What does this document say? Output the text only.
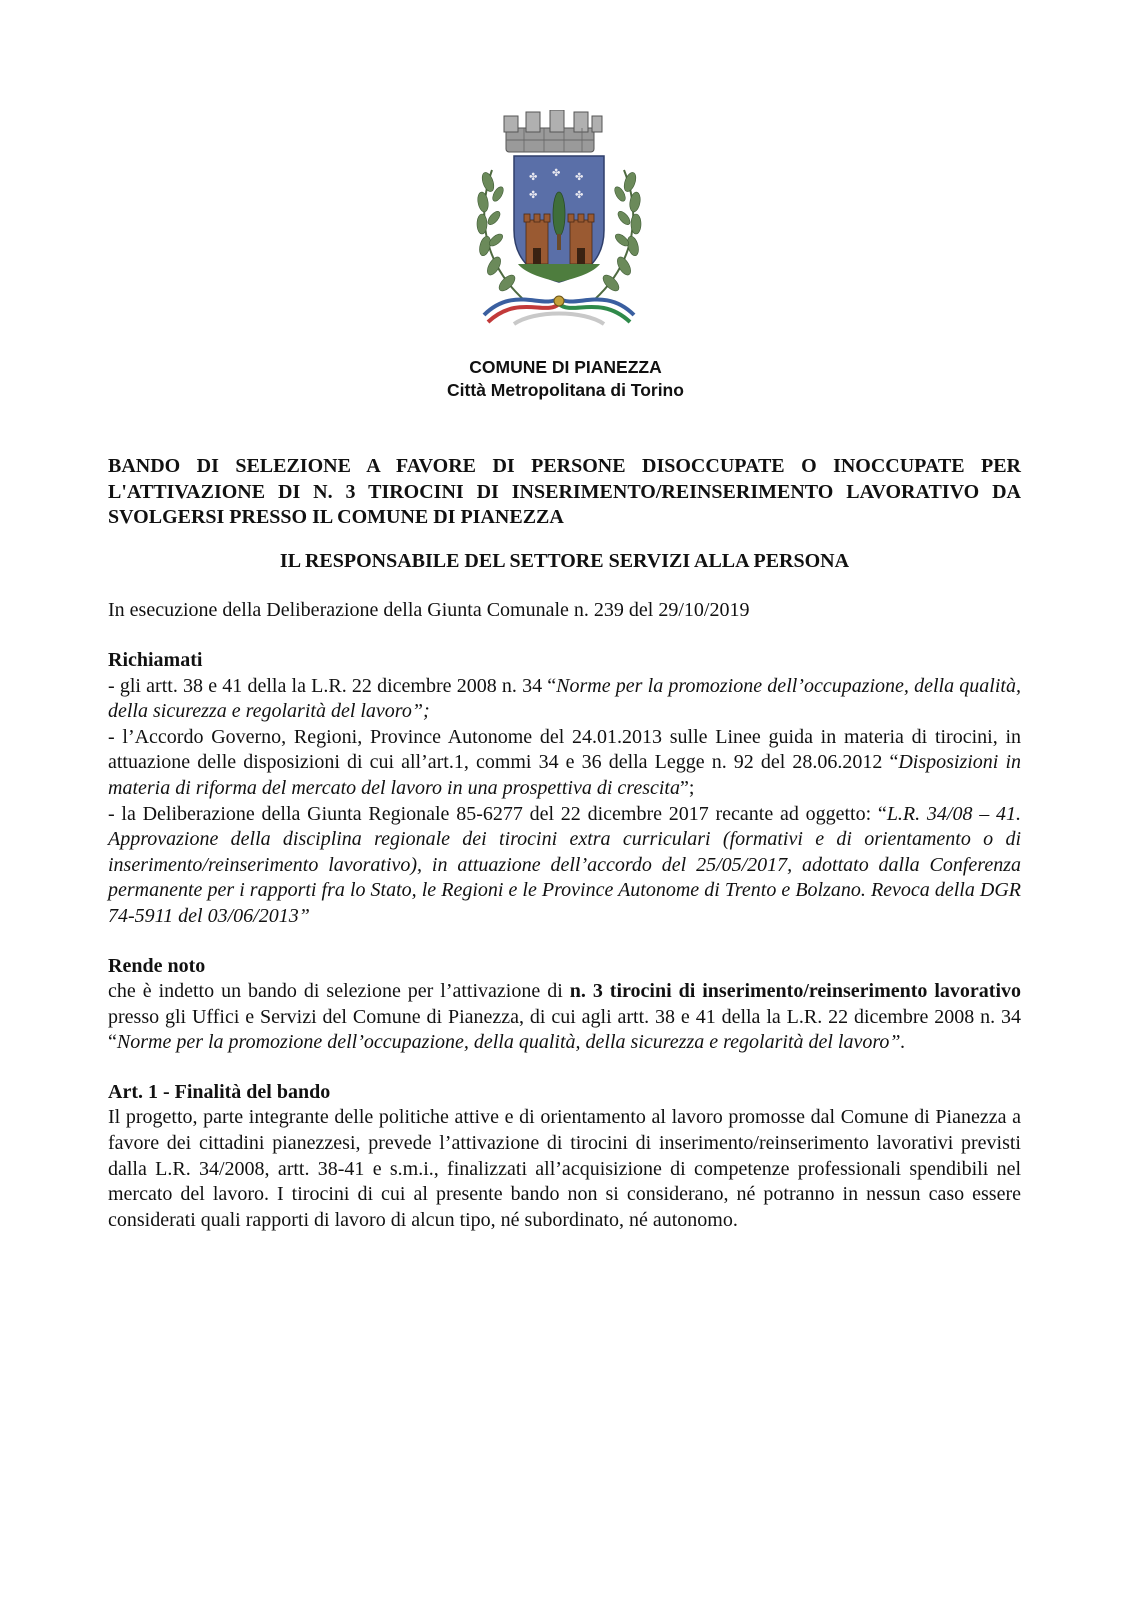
✤ ✤ ✤
✤	✤
COMUNE DI PIANEZZA
Città Metropolitana di Torino

BANDO DI SELEZIONE A FAVORE DI PERSONE DISOCCUPATE O INOCCUPATE PER L'ATTIVAZIONE DI N. 3 TIROCINI DI INSERIMENTO/REINSERIMENTO LAVORATIVO DA SVOLGERSI PRESSO IL COMUNE DI PIANEZZA

IL RESPONSABILE DEL SETTORE SERVIZI ALLA PERSONA

In esecuzione della Deliberazione della Giunta Comunale n. 239 del 29/10/2019

Richiamati

- gli artt. 38 e 41 della la L.R. 22 dicembre 2008 n. 34 “Norme per la promozione dell’occupazione, della qualità, della sicurezza e regolarità del lavoro”;

- l’Accordo Governo, Regioni, Province Autonome del 24.01.2013 sulle Linee guida in materia di tirocini, in attuazione delle disposizioni di cui all’art.1, commi 34 e 36 della Legge n. 92 del 28.06.2012 “Disposizioni in materia di riforma del mercato del lavoro in una prospettiva di crescita”;

- la Deliberazione della Giunta Regionale 85-6277 del 22 dicembre 2017 recante ad oggetto: “L.R. 34/08 – 41. Approvazione della disciplina regionale dei tirocini extra curriculari (formativi e di orientamento o di inserimento/reinserimento lavorativo), in attuazione dell’accordo del 25/05/2017, adottato dalla Conferenza permanente per i rapporti fra lo Stato, le Regioni e le Province Autonome di Trento e Bolzano. Revoca della DGR 74-5911 del 03/06/2013”

Rende noto

che è indetto un bando di selezione per l’attivazione di n. 3 tirocini di inserimento/reinserimento lavorativo presso gli Uffici e Servizi del Comune di Pianezza, di cui agli artt. 38 e 41 della la L.R. 22 dicembre 2008 n. 34 “Norme per la promozione dell’occupazione, della qualità, della sicurezza e regolarità del lavoro”.

Art. 1 - Finalità del bando

Il progetto, parte integrante delle politiche attive e di orientamento al lavoro promosse dal Comune di Pianezza a favore dei cittadini pianezzesi, prevede l’attivazione di tirocini di inserimento/reinserimento lavorativi previsti dalla L.R. 34/2008, artt. 38-41 e s.m.i., finalizzati all’acquisizione di competenze professionali spendibili nel mercato del lavoro. I tirocini di cui al presente bando non si considerano, né potranno in nessun caso essere considerati quali rapporti di lavoro di alcun tipo, né subordinato, né autonomo.
